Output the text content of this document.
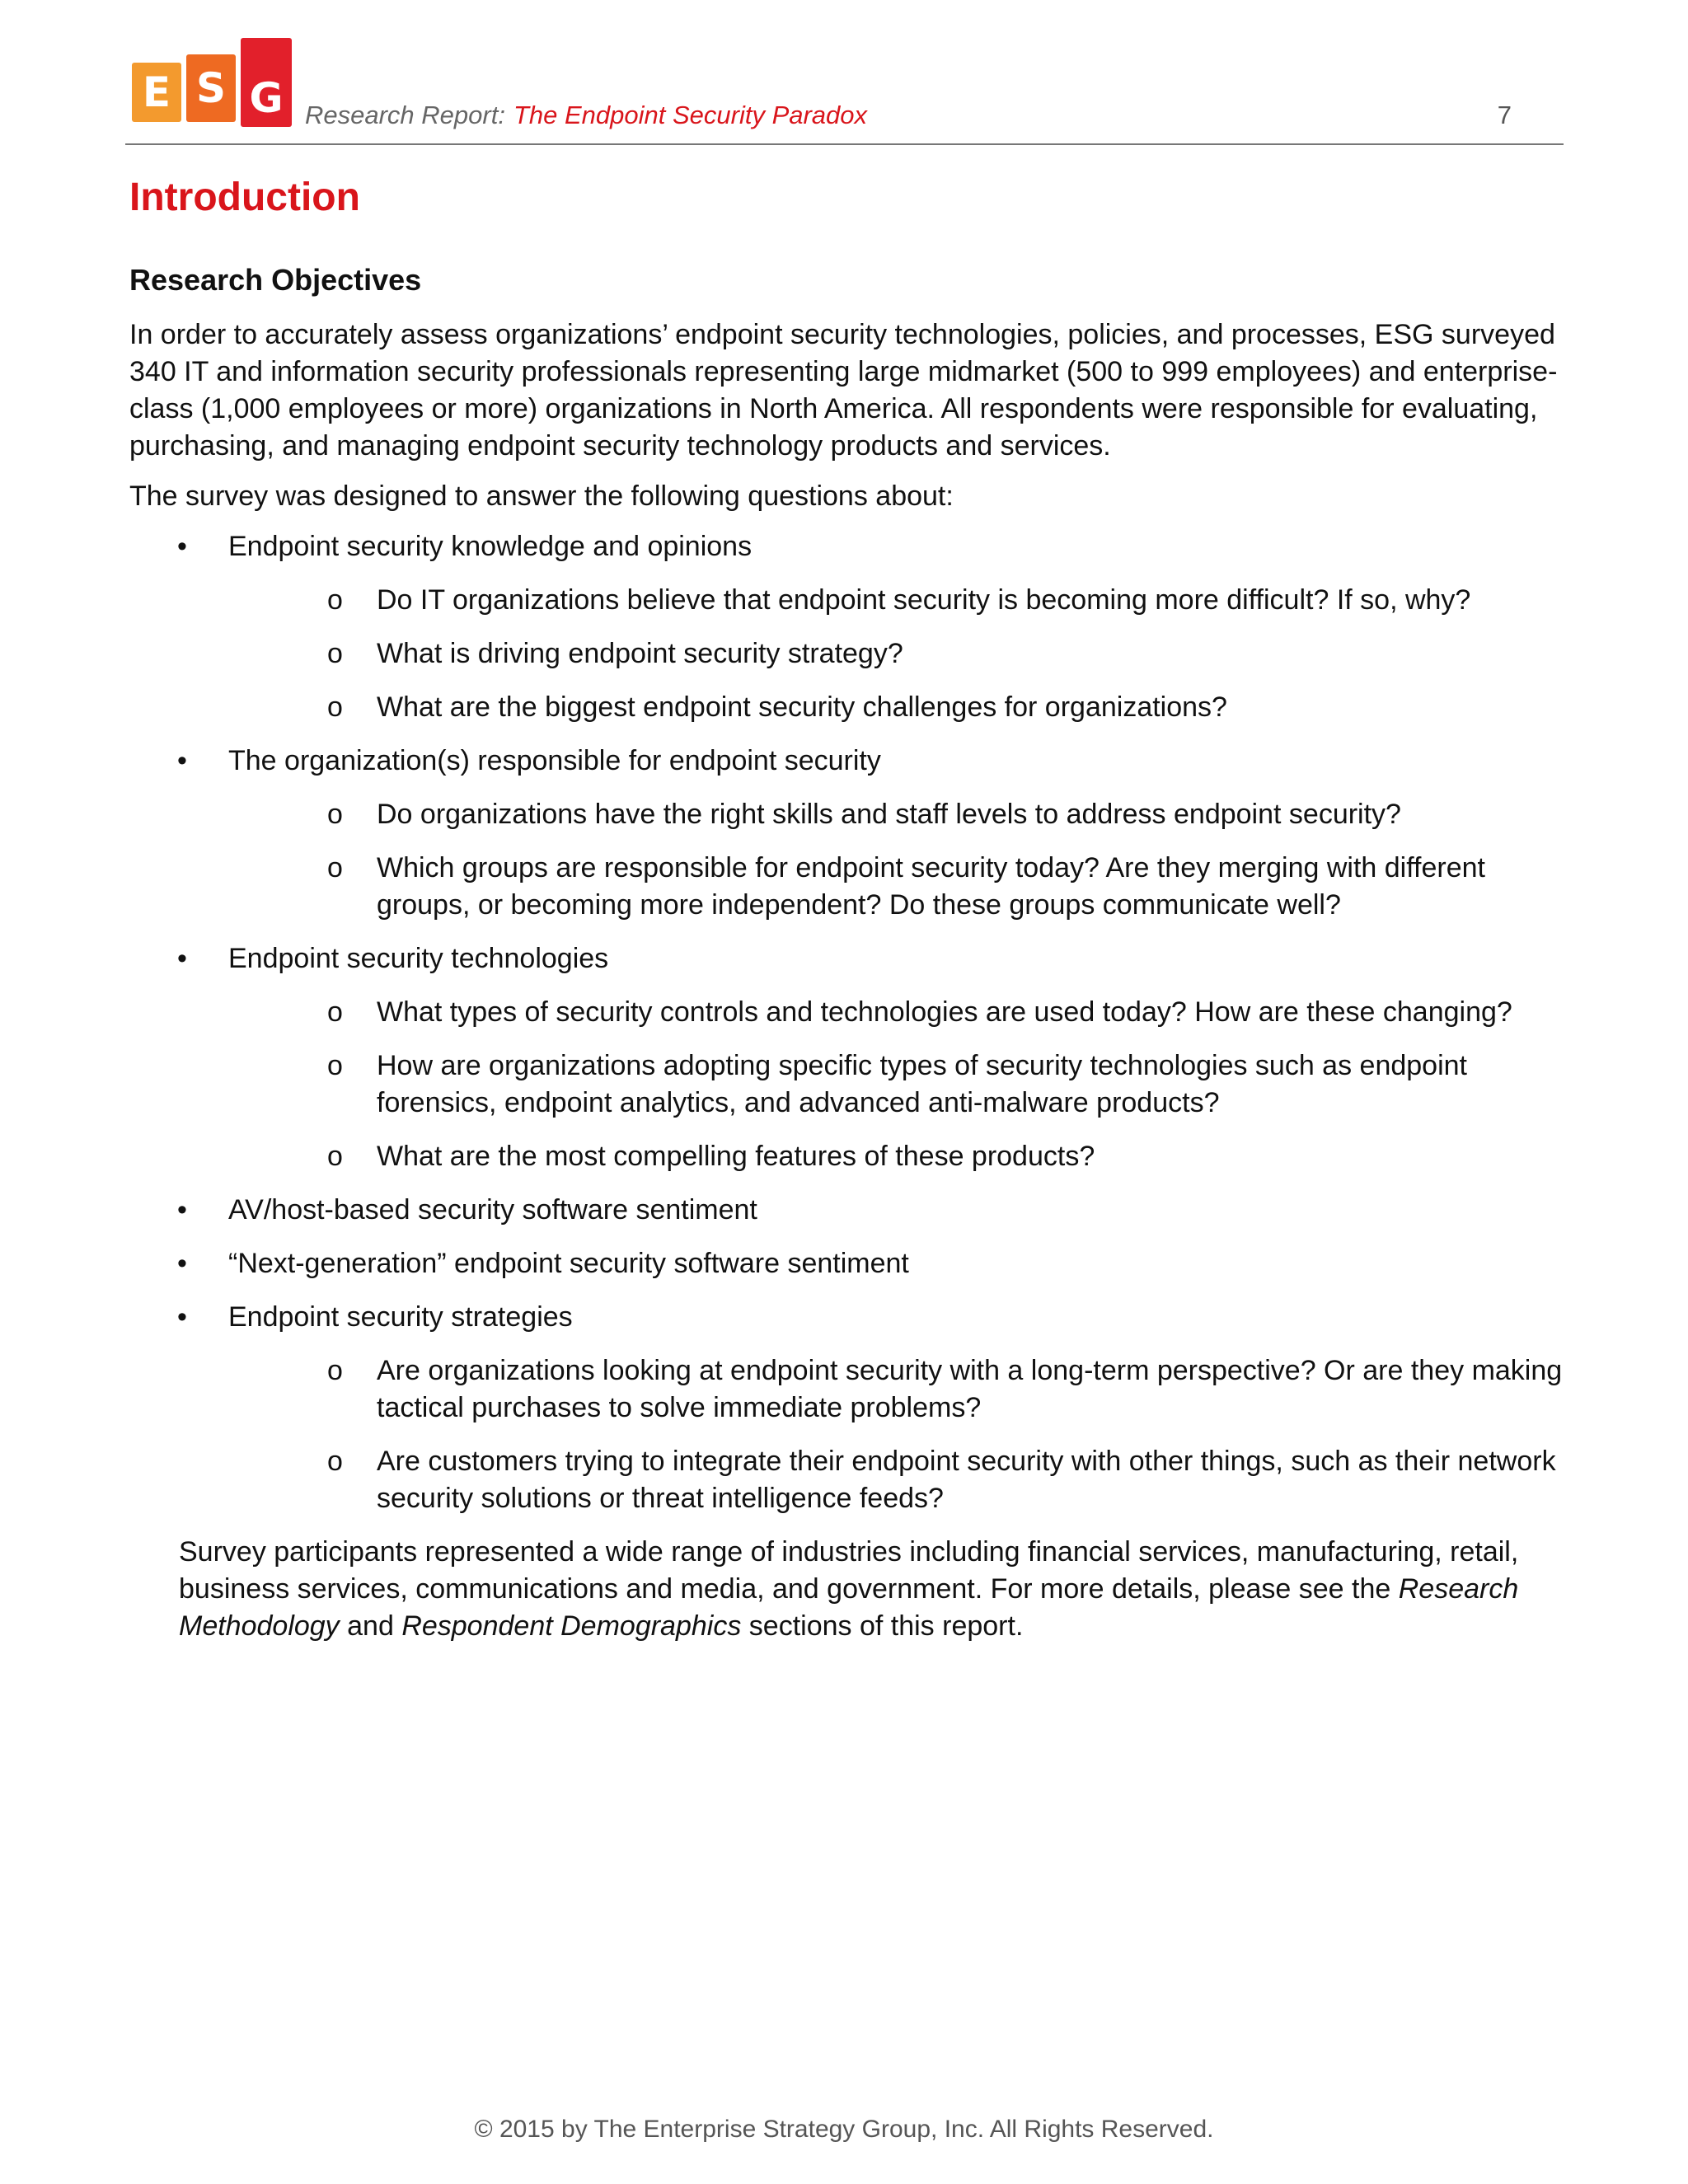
E S G Research Report: The Endpoint Security Paradox	7
Introduction
Research Objectives

In order to accurately assess organizations’ endpoint security technologies, policies, and processes, ESG surveyed 340 IT and information security professionals representing large midmarket (500 to 999 employees) and enterprise-class (1,000 employees or more) organizations in North America. All respondents were responsible for evaluating, purchasing, and managing endpoint security technology products and services.

The survey was designed to answer the following questions about:

• Endpoint security knowledge and opinions
o Do IT organizations believe that endpoint security is becoming more difficult? If so, why?
o What is driving endpoint security strategy?
o What are the biggest endpoint security challenges for organizations?
• The organization(s) responsible for endpoint security
o Do organizations have the right skills and staff levels to address endpoint security?
o Which groups are responsible for endpoint security today? Are they merging with different groups, or becoming more independent? Do these groups communicate well?
• Endpoint security technologies
o What types of security controls and technologies are used today? How are these changing?
o How are organizations adopting specific types of security technologies such as endpoint forensics, endpoint analytics, and advanced anti-malware products?
o What are the most compelling features of these products?
• AV/host-based security software sentiment
• “Next-generation” endpoint security software sentiment
• Endpoint security strategies
o Are organizations looking at endpoint security with a long-term perspective? Or are they making tactical purchases to solve immediate problems?
o Are customers trying to integrate their endpoint security with other things, such as their network security solutions or threat intelligence feeds?

Survey participants represented a wide range of industries including financial services, manufacturing, retail, business services, communications and media, and government. For more details, please see the Research Methodology and Respondent Demographics sections of this report.

© 2015 by The Enterprise Strategy Group, Inc. All Rights Reserved.
